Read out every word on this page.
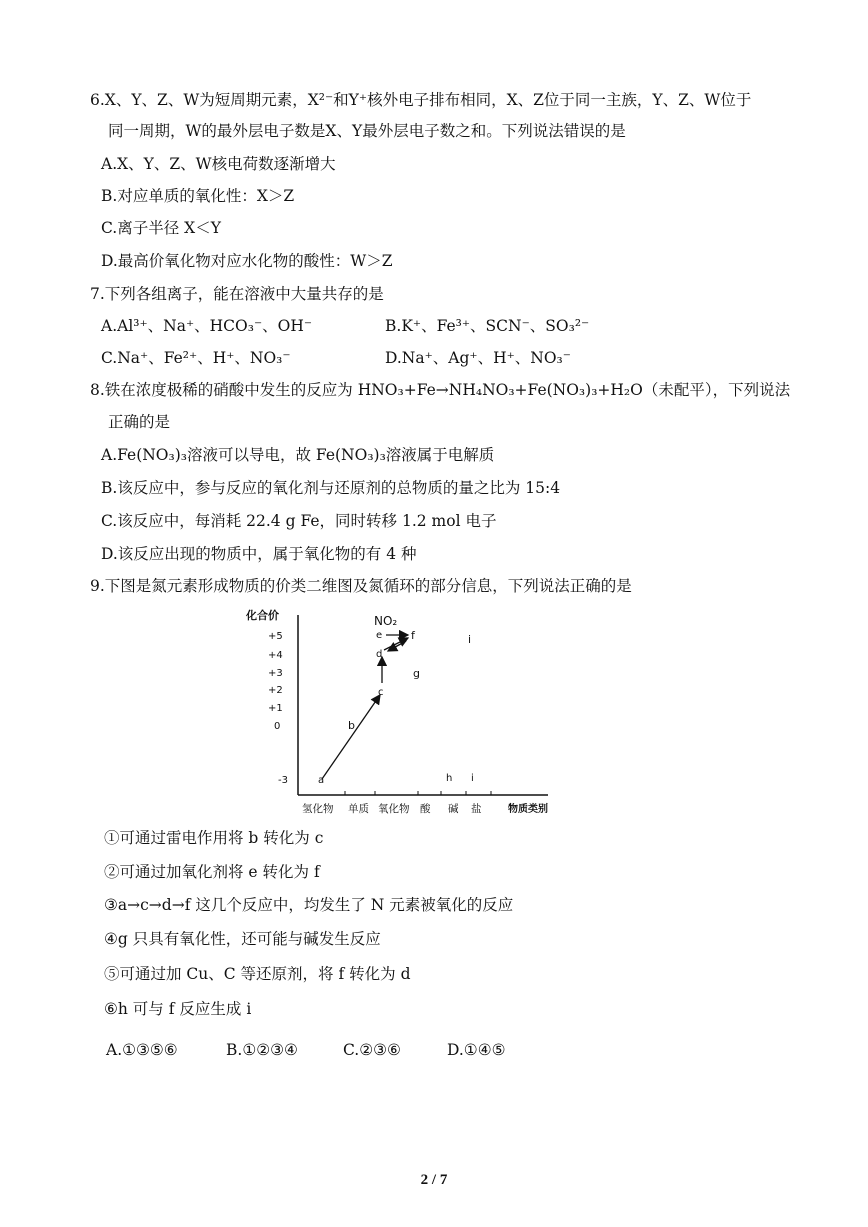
6.X、Y、Z、W为短周期元素，X²⁻和Y⁺核外电子排布相同，X、Z位于同一主族，Y、Z、W位于
同一周期，W的最外层电子数是X、Y最外层电子数之和。下列说法错误的是
A.X、Y、Z、W核电荷数逐渐增大
B.对应单质的氧化性：X＞Z
C.离子半径 X＜Y
D.最高价氧化物对应水化物的酸性：W＞Z
7.下列各组离子，能在溶液中大量共存的是
A.Al³⁺、Na⁺、HCO₃⁻、OH⁻	B.K⁺、Fe³⁺、SCN⁻、SO₃²⁻
C.Na⁺、Fe²⁺、H⁺、NO₃⁻	D.Na⁺、Ag⁺、H⁺、NO₃⁻
8.铁在浓度极稀的硝酸中发生的反应为 HNO₃+Fe→NH₄NO₃+Fe(NO₃)₃+H₂O（未配平），下列说法
正确的是
A.Fe(NO₃)₃溶液可以导电，故 Fe(NO₃)₃溶液属于电解质
B.该反应中，参与反应的氧化剂与还原剂的总物质的量之比为 15:4
C.该反应中，每消耗 22.4 g Fe，同时转移 1.2 mol 电子
D.该反应出现的物质中，属于氧化物的有 4 种
9.下图是氮元素形成物质的价类二维图及氮循环的部分信息，下列说法正确的是
化合价
+5
+4
+3
+2
+1
0
-3
氢化物 单质 氧化物 酸 碱 盐	物质类别
NO₂
a
b
c
d
e	f
g
h i
i
①可通过雷电作用将 b 转化为 c
②可通过加氧化剂将 e 转化为 f
③a→c→d→f 这几个反应中，均发生了 N 元素被氧化的反应
④g 只具有氧化性，还可能与碱发生反应
⑤可通过加 Cu、C 等还原剂，将 f 转化为 d
⑥h 可与 f 反应生成 i
A.①③⑤⑥	B.①②③④	C.②③⑥	D.①④⑤
2 / 7
